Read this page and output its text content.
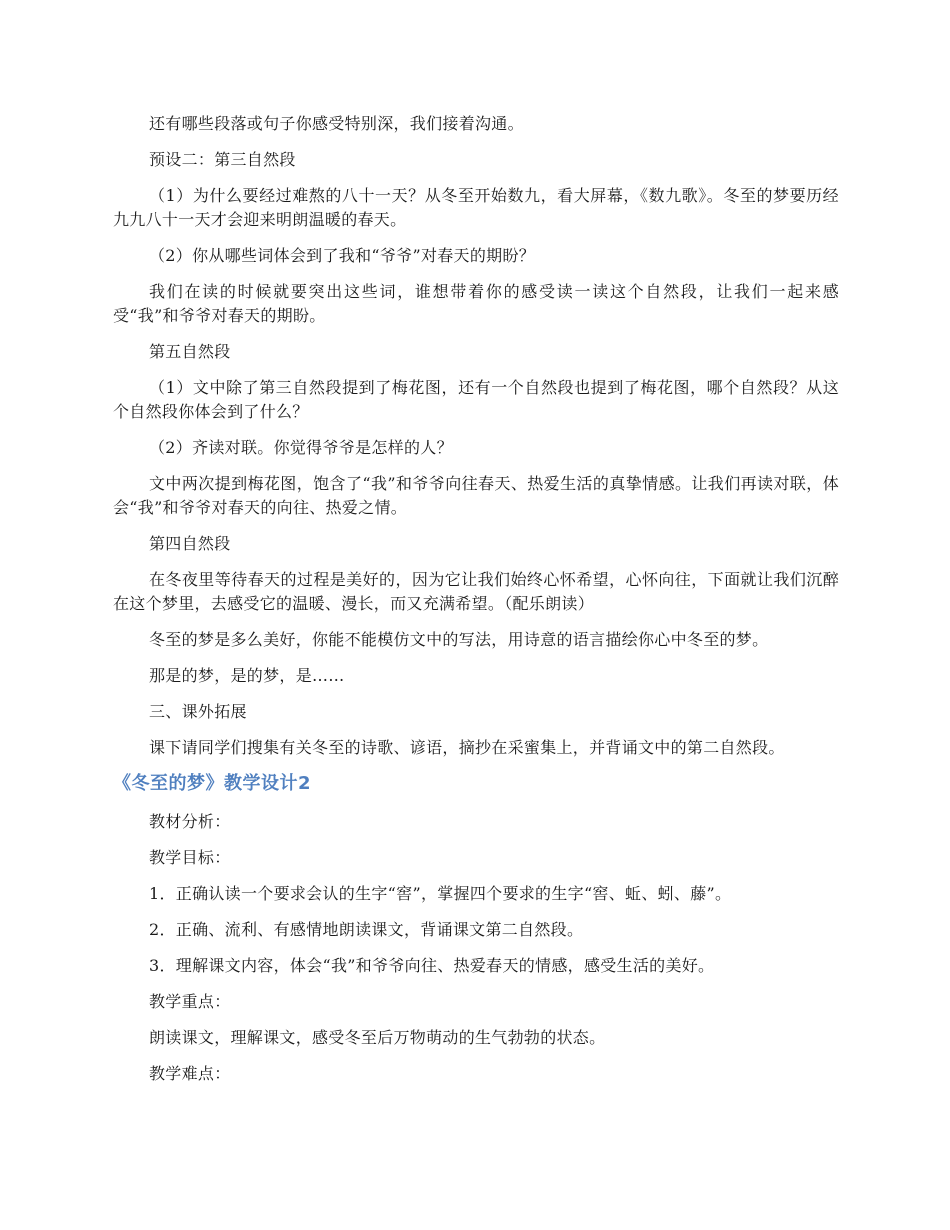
还有哪些段落或句子你感受特别深，我们接着沟通。

预设二：第三自然段

（1）为什么要经过难熬的八十一天？从冬至开始数九，看大屏幕，《数九歌》。冬至的梦要历经九九八十一天才会迎来明朗温暖的春天。

（2）你从哪些词体会到了我和“爷爷”对春天的期盼？

我们在读的时候就要突出这些词，谁想带着你的感受读一读这个自然段，让我们一起来感受“我”和爷爷对春天的期盼。

第五自然段

（1）文中除了第三自然段提到了梅花图，还有一个自然段也提到了梅花图，哪个自然段？从这个自然段你体会到了什么？

（2）齐读对联。你觉得爷爷是怎样的人？

文中两次提到梅花图，饱含了“我”和爷爷向往春天、热爱生活的真挚情感。让我们再读对联，体会“我”和爷爷对春天的向往、热爱之情。

第四自然段

在冬夜里等待春天的过程是美好的，因为它让我们始终心怀希望，心怀向往，下面就让我们沉醉在这个梦里，去感受它的温暖、漫长，而又充满希望。（配乐朗读）

冬至的梦是多么美好，你能不能模仿文中的写法，用诗意的语言描绘你心中冬至的梦。

那是的梦，是的梦，是……

三、课外拓展

课下请同学们搜集有关冬至的诗歌、谚语，摘抄在采蜜集上，并背诵文中的第二自然段。

《冬至的梦》教学设计2

教材分析：

教学目标：

1．正确认读一个要求会认的生字“窖”，掌握四个要求的生字“窖、蚯、蚓、藤”。

2．正确、流利、有感情地朗读课文，背诵课文第二自然段。

3．理解课文内容，体会“我”和爷爷向往、热爱春天的情感，感受生活的美好。

教学重点：

朗读课文，理解课文，感受冬至后万物萌动的生气勃勃的状态。

教学难点：
